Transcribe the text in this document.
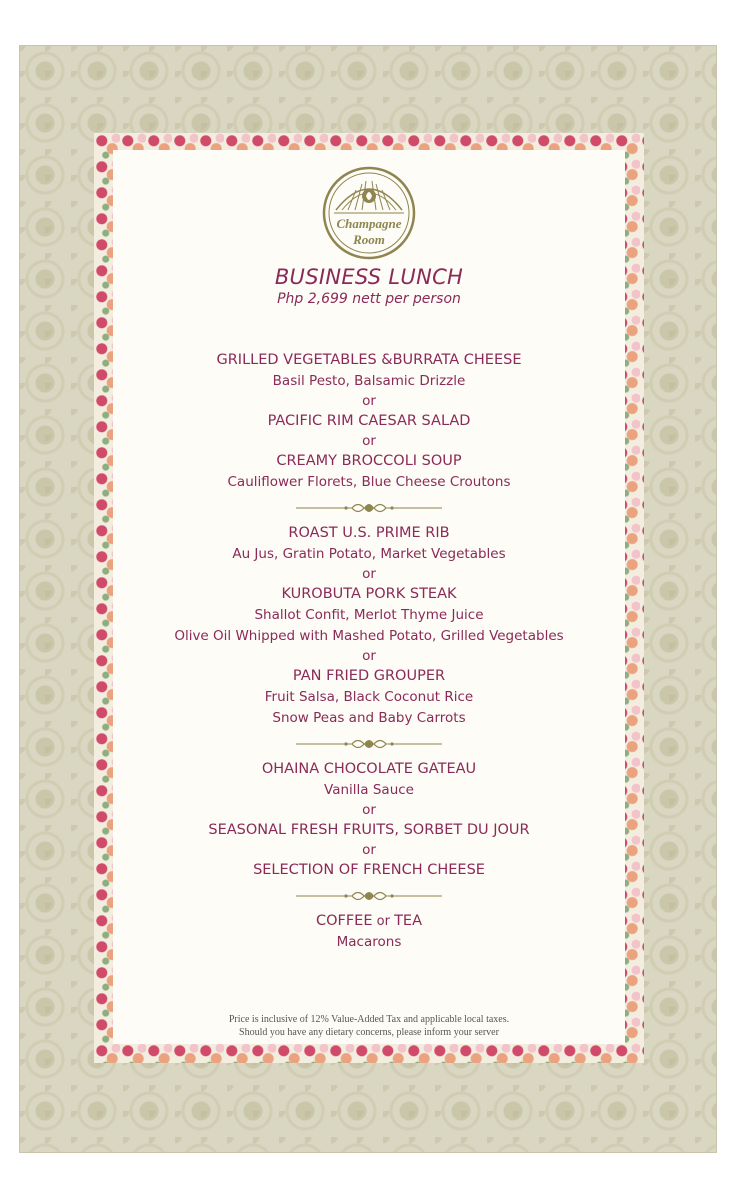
Champagne
Room
BUSINESS LUNCH
Php 2,699 nett per person
GRILLED VEGETABLES &BURRATA CHEESE
Basil Pesto, Balsamic Drizzle
or
PACIFIC RIM CAESAR SALAD
or
CREAMY BROCCOLI SOUP
Cauliflower Florets, Blue Cheese Croutons
ROAST U.S. PRIME RIB
Au Jus, Gratin Potato, Market Vegetables
or
KUROBUTA PORK STEAK
Shallot Confit, Merlot Thyme Juice
Olive Oil Whipped with Mashed Potato, Grilled Vegetables
or
PAN FRIED GROUPER
Fruit Salsa, Black Coconut Rice
Snow Peas and Baby Carrots
OHAINA CHOCOLATE GATEAU
Vanilla Sauce
or
SEASONAL FRESH FRUITS, SORBET DU JOUR
or
SELECTION OF FRENCH CHEESE
COFFEE or TEA
Macarons
Price is inclusive of 12% Value-Added Tax and applicable local taxes.
Should you have any dietary concerns, please inform your server
